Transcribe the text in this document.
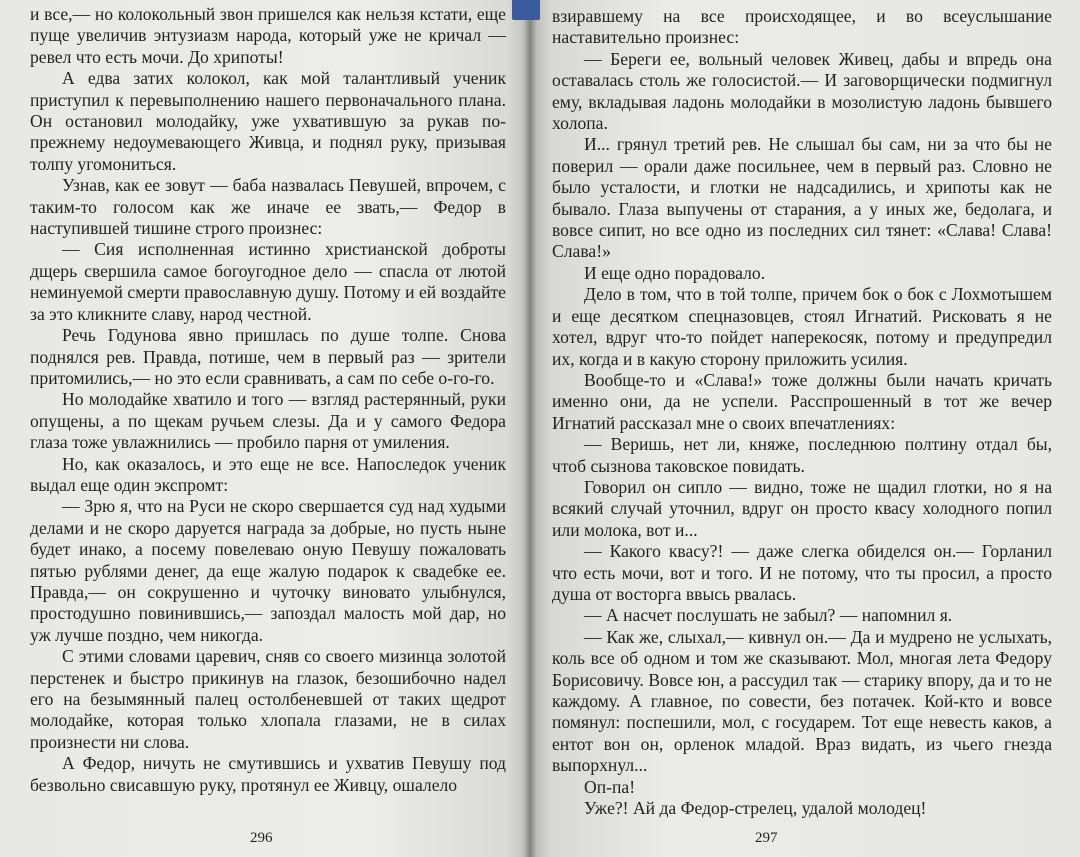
и все,— но колокольный звон пришелся как нельзя кстати, еще пуще увеличив энтузиазм народа, который уже не кричал — ревел что есть мочи. До хрипоты!

А едва затих колокол, как мой талантливый ученик приступил к перевыполнению нашего первоначального плана. Он остановил молодайку, уже ухватившую за рукав по-прежнему недоумевающего Живца, и поднял руку, призывая толпу угомониться.

Узнав, как ее зовут — баба назвалась Певушей, впрочем, с таким-то голосом как же иначе ее звать,— Федор в наступившей тишине строго произнес:

— Сия исполненная истинно христианской доброты дщерь свершила самое богоугодное дело — спасла от лютой неминуемой смерти православную душу. Потому и ей воздайте за это кликните славу, народ честной.

Речь Годунова явно пришлась по душе толпе. Снова поднялся рев. Правда, потише, чем в первый раз — зрители притомились,— но это если сравнивать, а сам по себе о-го-го.

Но молодайке хватило и того — взгляд растерянный, руки опущены, а по щекам ручьем слезы. Да и у самого Федора глаза тоже увлажнились — пробило парня от умиления.

Но, как оказалось, и это еще не все. Напоследок ученик выдал еще один экспромт:

— Зрю я, что на Руси не скоро свершается суд над худыми делами и не скоро даруется награда за добрые, но пусть ныне будет инако, а посему повелеваю оную Певушу пожаловать пятью рублями денег, да еще жалую подарок к свадебке ее. Правда,— он сокрушенно и чуточку виновато улыбнулся, простодушно повинившись,— запоздал малость мой дар, но уж лучше поздно, чем никогда.

С этими словами царевич, сняв со своего мизинца золотой перстенек и быстро прикинув на глазок, безошибочно надел его на безымянный палец остолбеневшей от таких щедрот молодайке, которая только хлопала глазами, не в силах произнести ни слова.

А Федор, ничуть не смутившись и ухватив Певушу под безвольно свисавшую руку, протянул ее Живцу, ошалело

296

взиравшему на все происходящее, и во всеуслышание наставительно произнес:

— Береги ее, вольный человек Живец, дабы и впредь она оставалась столь же голосистой.— И заговорщически подмигнул ему, вкладывая ладонь молодайки в мозолистую ладонь бывшего холопа.

И... грянул третий рев. Не слышал бы сам, ни за что бы не поверил — орали даже посильнее, чем в первый раз. Словно не было усталости, и глотки не надсадились, и хрипоты как не бывало. Глаза выпучены от старания, а у иных же, бедолага, и вовсе сипит, но все одно из последних сил тянет: «Слава! Слава! Слава!»

И еще одно порадовало.

Дело в том, что в той толпе, причем бок о бок с Лохмотышем и еще десятком спецназовцев, стоял Игнатий. Рисковать я не хотел, вдруг что-то пойдет наперекосяк, потому и предупредил их, когда и в какую сторону приложить усилия.

Вообще-то и «Слава!» тоже должны были начать кричать именно они, да не успели. Расспрошенный в тот же вечер Игнатий рассказал мне о своих впечатлениях:

— Веришь, нет ли, княже, последнюю полтину отдал бы, чтоб сызнова таковское повидать.

Говорил он сипло — видно, тоже не щадил глотки, но я на всякий случай уточнил, вдруг он просто квасу холодного попил или молока, вот и...

— Какого квасу?! — даже слегка обиделся он.— Горланил что есть мочи, вот и того. И не потому, что ты просил, а просто душа от восторга ввысь рвалась.

— А насчет послушать не забыл? — напомнил я.

— Как же, слыхал,— кивнул он.— Да и мудрено не услыхать, коль все об одном и том же сказывают. Мол, многая лета Федору Борисовичу. Вовсе юн, а рассудил так — старику впору, да и то не каждому. А главное, по совести, без потачек. Кой-кто и вовсе помянул: поспешили, мол, с государем. Тот еще невесть каков, а ентот вон он, орленок младой. Враз видать, из чьего гнезда выпорхнул...

Оп-па!

Ужe?! Ай да Федор-стрелец, удалой молодец!

297
